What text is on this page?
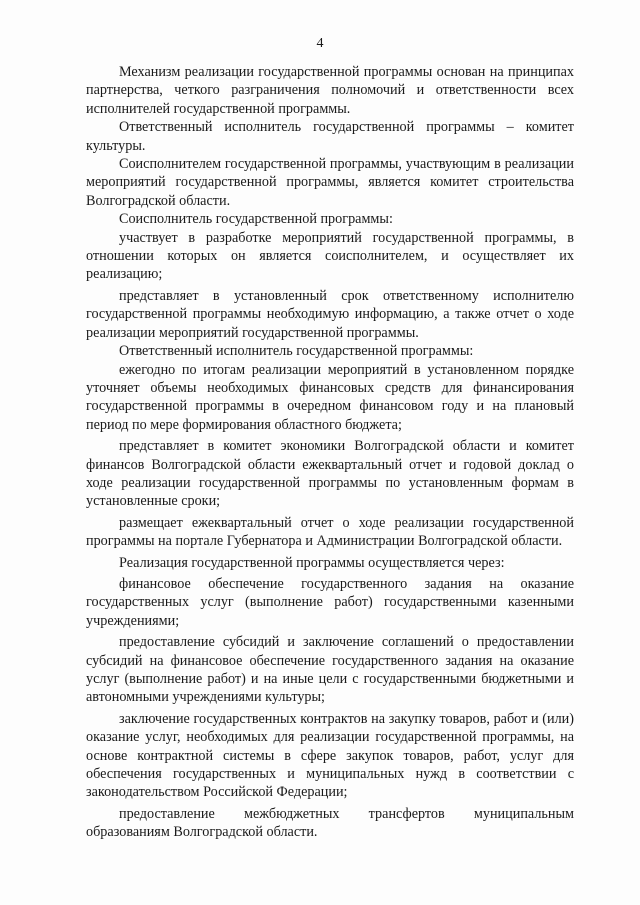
4

Механизм реализации государственной программы основан на принципах партнерства, четкого разграничения полномочий и ответственности всех исполнителей государственной программы.

Ответственный исполнитель государственной программы – комитет культуры.

Соисполнителем государственной программы, участвующим в реализации мероприятий государственной программы, является комитет строительства Волгоградской области.

Соисполнитель государственной программы:

участвует в разработке мероприятий государственной программы, в отношении которых он является соисполнителем, и осуществляет их реализацию;

представляет в установленный срок ответственному исполнителю государственной программы необходимую информацию, а также отчет о ходе реализации мероприятий государственной программы.

Ответственный исполнитель государственной программы:

ежегодно по итогам реализации мероприятий в установленном порядке уточняет объемы необходимых финансовых средств для финансирования государственной программы в очередном финансовом году и на плановый период по мере формирования областного бюджета;

представляет в комитет экономики Волгоградской области и комитет финансов Волгоградской области ежеквартальный отчет и годовой доклад о ходе реализации государственной программы по установленным формам в установленные сроки;

размещает ежеквартальный отчет о ходе реализации государственной программы на портале Губернатора и Администрации Волгоградской области.

Реализация государственной программы осуществляется через:

финансовое обеспечение государственного задания на оказание государственных услуг (выполнение работ) государственными казенными учреждениями;

предоставление субсидий и заключение соглашений о предоставлении субсидий на финансовое обеспечение государственного задания на оказание услуг (выполнение работ) и на иные цели с государственными бюджетными и автономными учреждениями культуры;

заключение государственных контрактов на закупку товаров, работ и (или) оказание услуг, необходимых для реализации государственной программы, на основе контрактной системы в сфере закупок товаров, работ, услуг для обеспечения государственных и муниципальных нужд в соответствии с законодательством Российской Федерации;

предоставление межбюджетных трансфертов муниципальным образованиям Волгоградской области.
